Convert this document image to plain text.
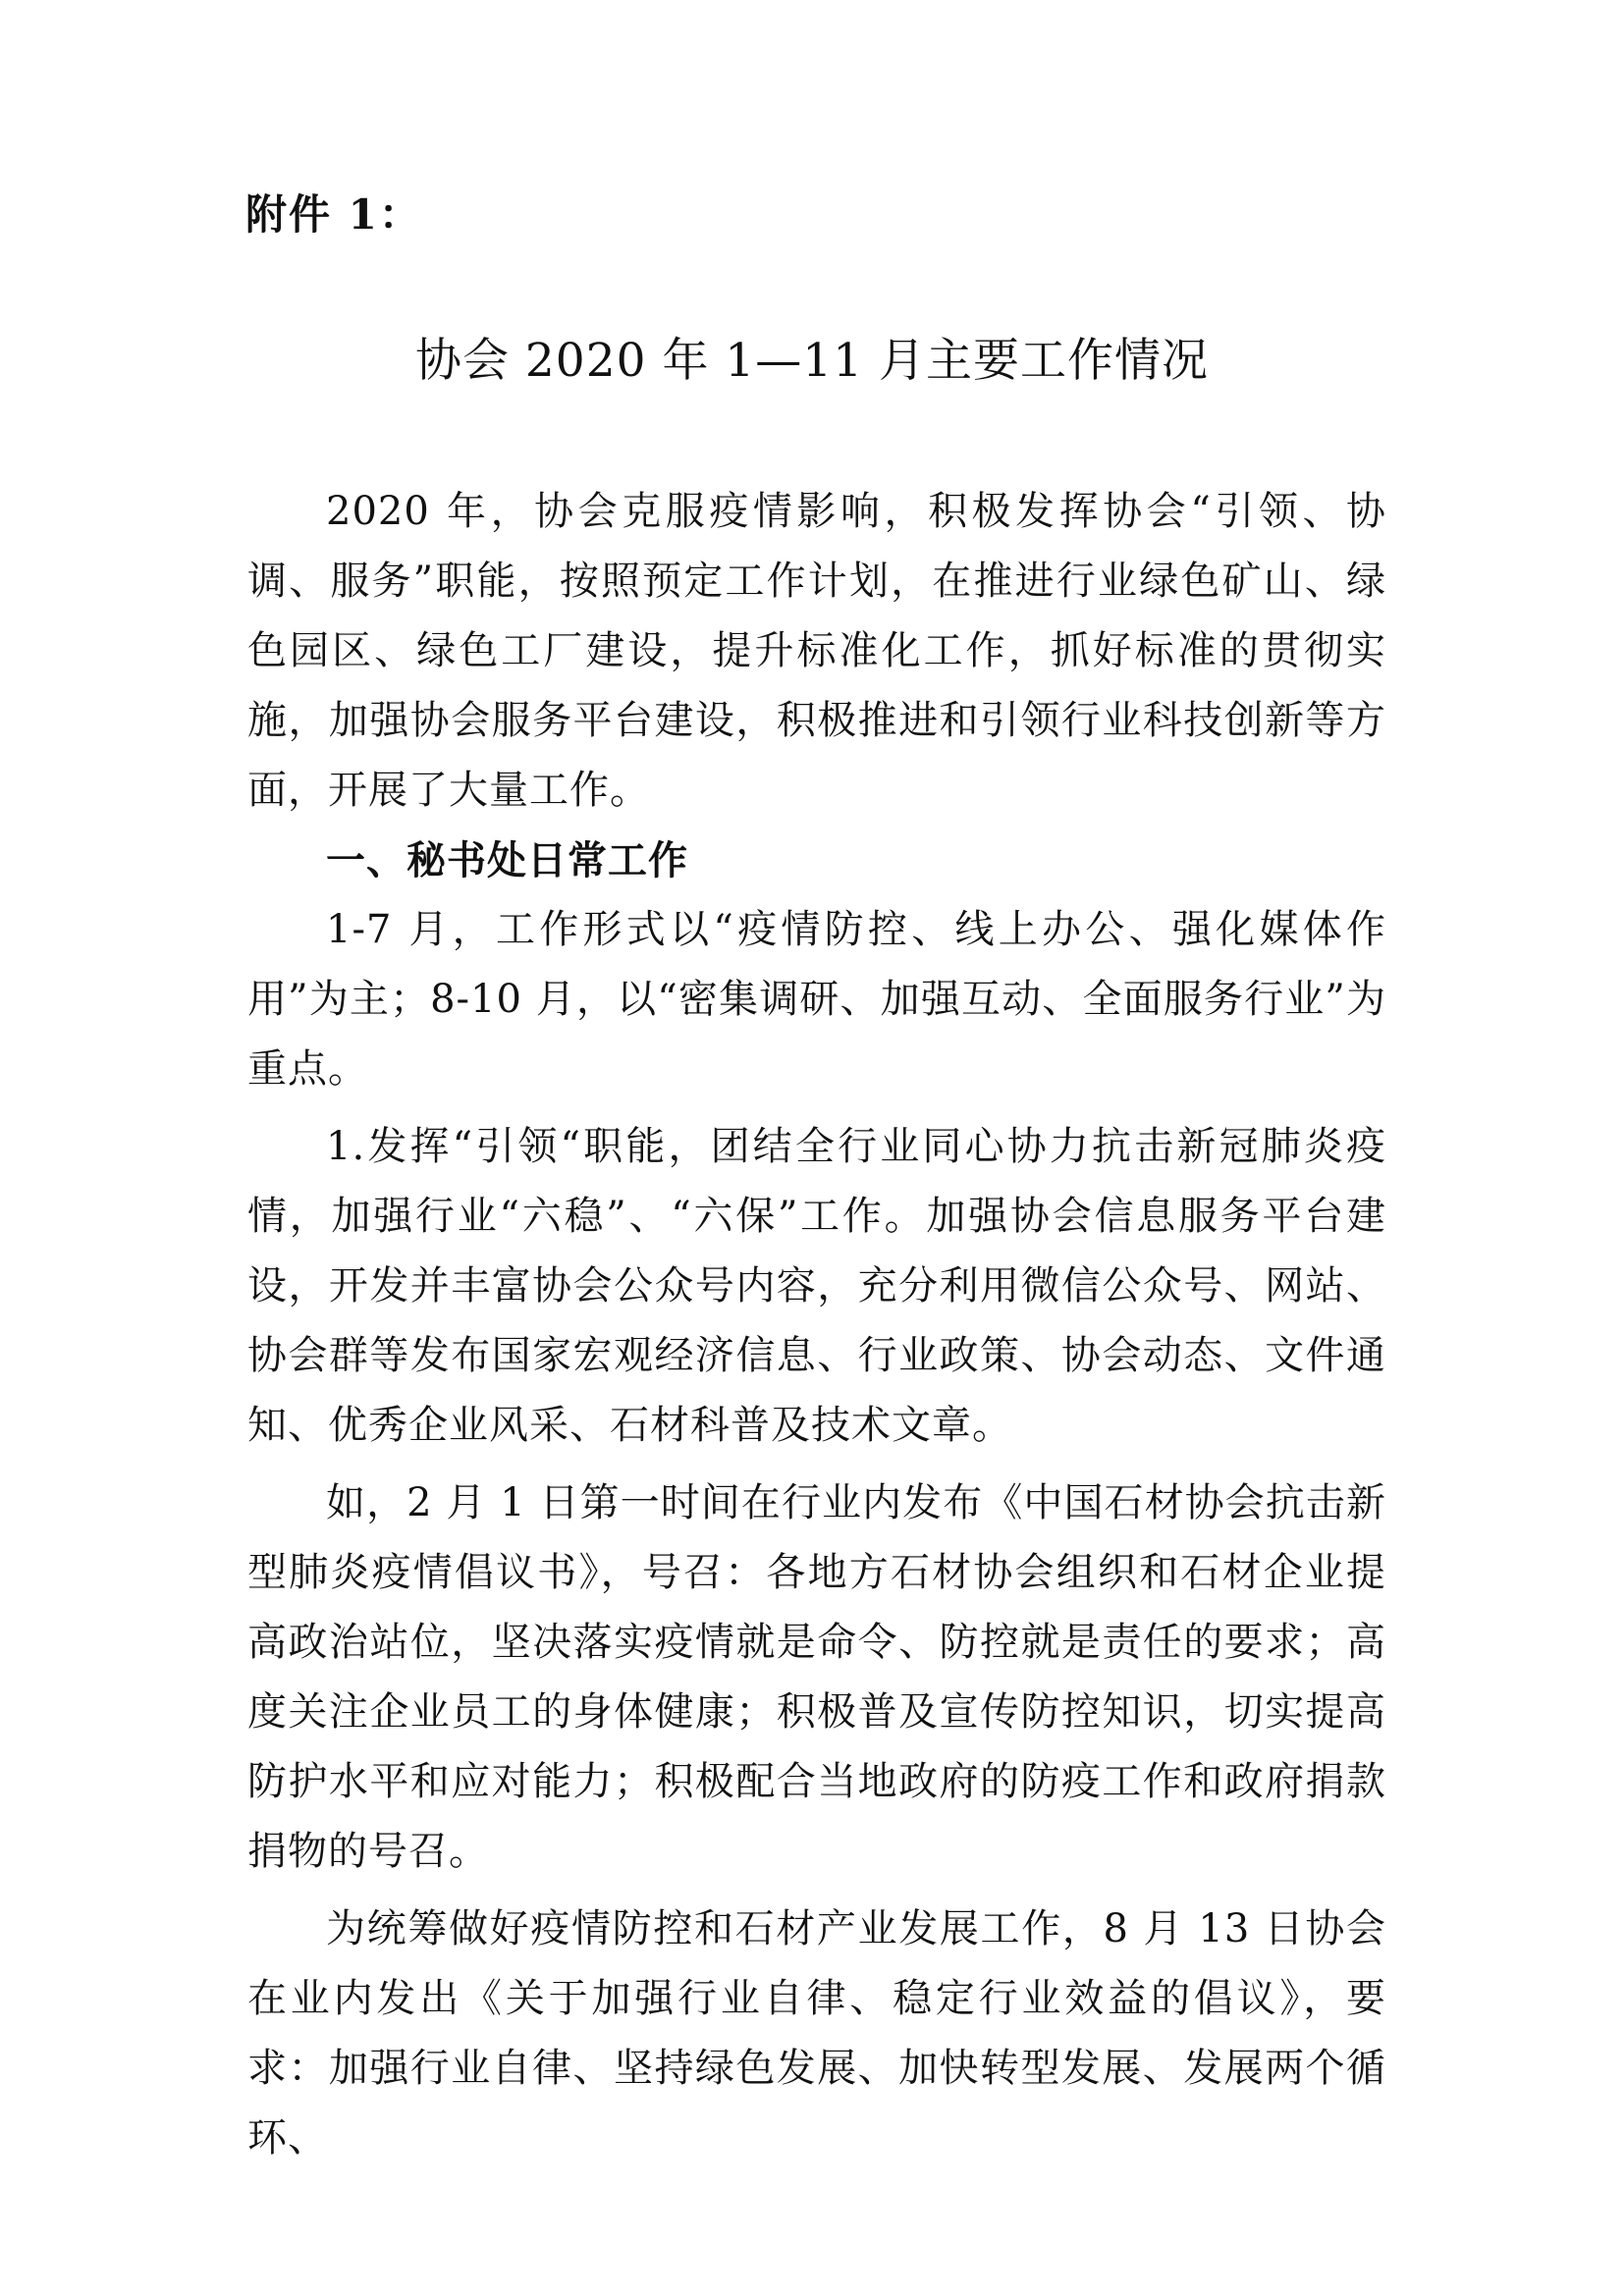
附件 1：
协会 2020 年 1—11 月主要工作情况

2020 年，协会克服疫情影响，积极发挥协会“引领、协调、服务”职能，按照预定工作计划，在推进行业绿色矿山、绿色园区、绿色工厂建设，提升标准化工作，抓好标准的贯彻实施，加强协会服务平台建设，积极推进和引领行业科技创新等方面，开展了大量工作。

一、秘书处日常工作

1-7 月，工作形式以“疫情防控、线上办公、强化媒体作用”为主；8-10 月，以“密集调研、加强互动、全面服务行业”为重点。

1.发挥“引领“职能，团结全行业同心协力抗击新冠肺炎疫情，加强行业“六稳”、“六保”工作。加强协会信息服务平台建设，开发并丰富协会公众号内容，充分利用微信公众号、网站、协会群等发布国家宏观经济信息、行业政策、协会动态、文件通知、优秀企业风采、石材科普及技术文章。

如，2 月 1 日第一时间在行业内发布《中国石材协会抗击新型肺炎疫情倡议书》，号召：各地方石材协会组织和石材企业提高政治站位，坚决落实疫情就是命令、防控就是责任的要求；高度关注企业员工的身体健康；积极普及宣传防控知识，切实提高防护水平和应对能力；积极配合当地政府的防疫工作和政府捐款捐物的号召。

为统筹做好疫情防控和石材产业发展工作，8 月 13 日协会在业内发出《关于加强行业自律、稳定行业效益的倡议》，要求：加强行业自律、坚持绿色发展、加快转型发展、发展两个循环、
